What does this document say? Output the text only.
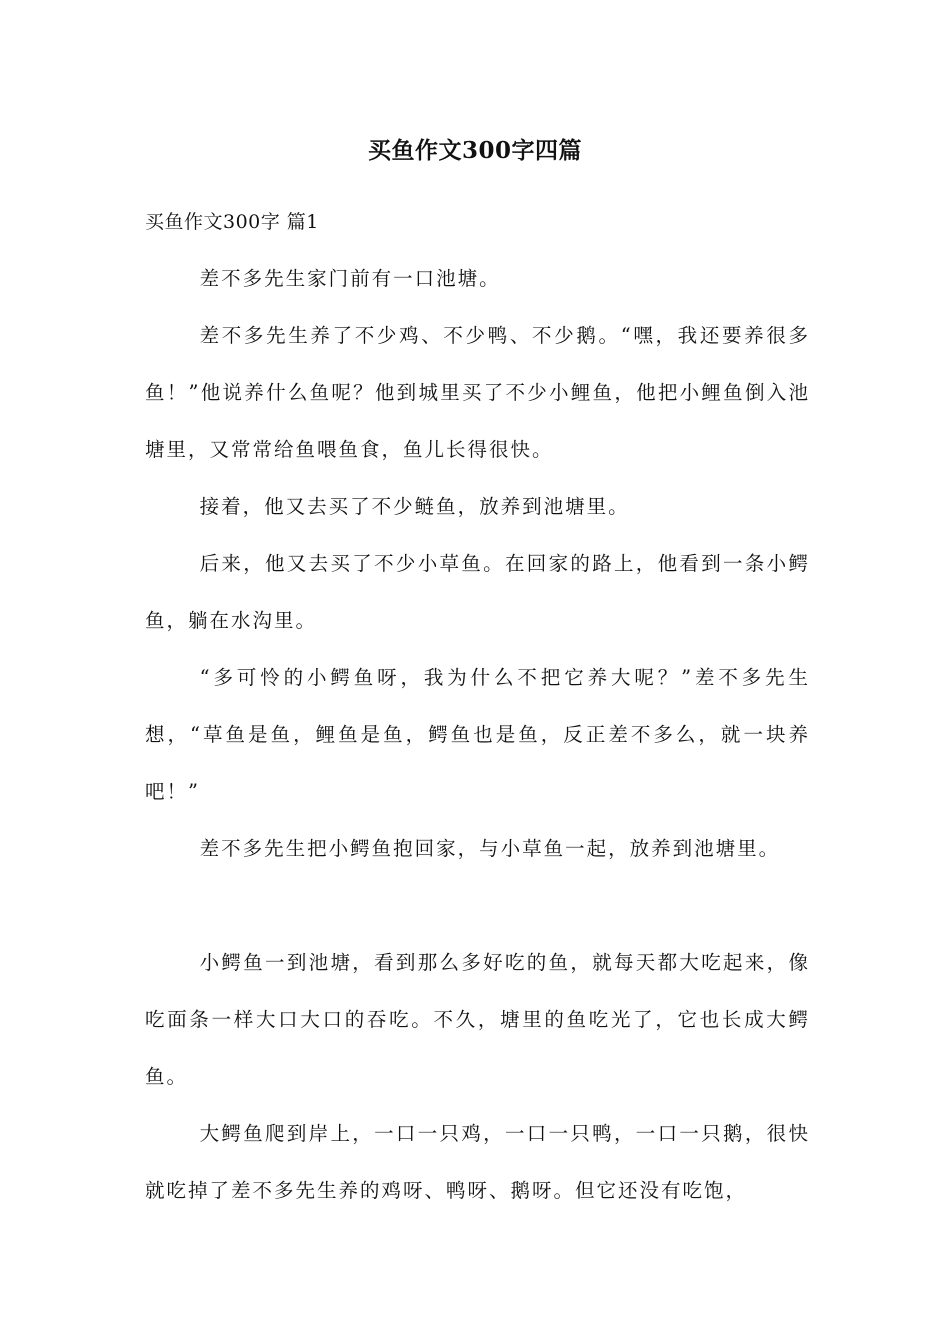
买鱼作文300字四篇
买鱼作文300字 篇1

差不多先生家门前有一口池塘。

差不多先生养了不少鸡、不少鸭、不少鹅。“嘿，我还要养很多鱼！”他说养什么鱼呢？他到城里买了不少小鲤鱼，他把小鲤鱼倒入池塘里，又常常给鱼喂鱼食，鱼儿长得很快。

接着，他又去买了不少鲢鱼，放养到池塘里。

后来，他又去买了不少小草鱼。在回家的路上，他看到一条小鳄鱼，躺在水沟里。

“多可怜的小鳄鱼呀，我为什么不把它养大呢？”差不多先生想，“草鱼是鱼，鲤鱼是鱼，鳄鱼也是鱼，反正差不多么，就一块养吧！”

差不多先生把小鳄鱼抱回家，与小草鱼一起，放养到池塘里。

小鳄鱼一到池塘，看到那么多好吃的鱼，就每天都大吃起来，像吃面条一样大口大口的吞吃。不久，塘里的鱼吃光了，它也长成大鳄鱼。

大鳄鱼爬到岸上，一口一只鸡，一口一只鸭，一口一只鹅，很快就吃掉了差不多先生养的鸡呀、鸭呀、鹅呀。但它还没有吃饱，
